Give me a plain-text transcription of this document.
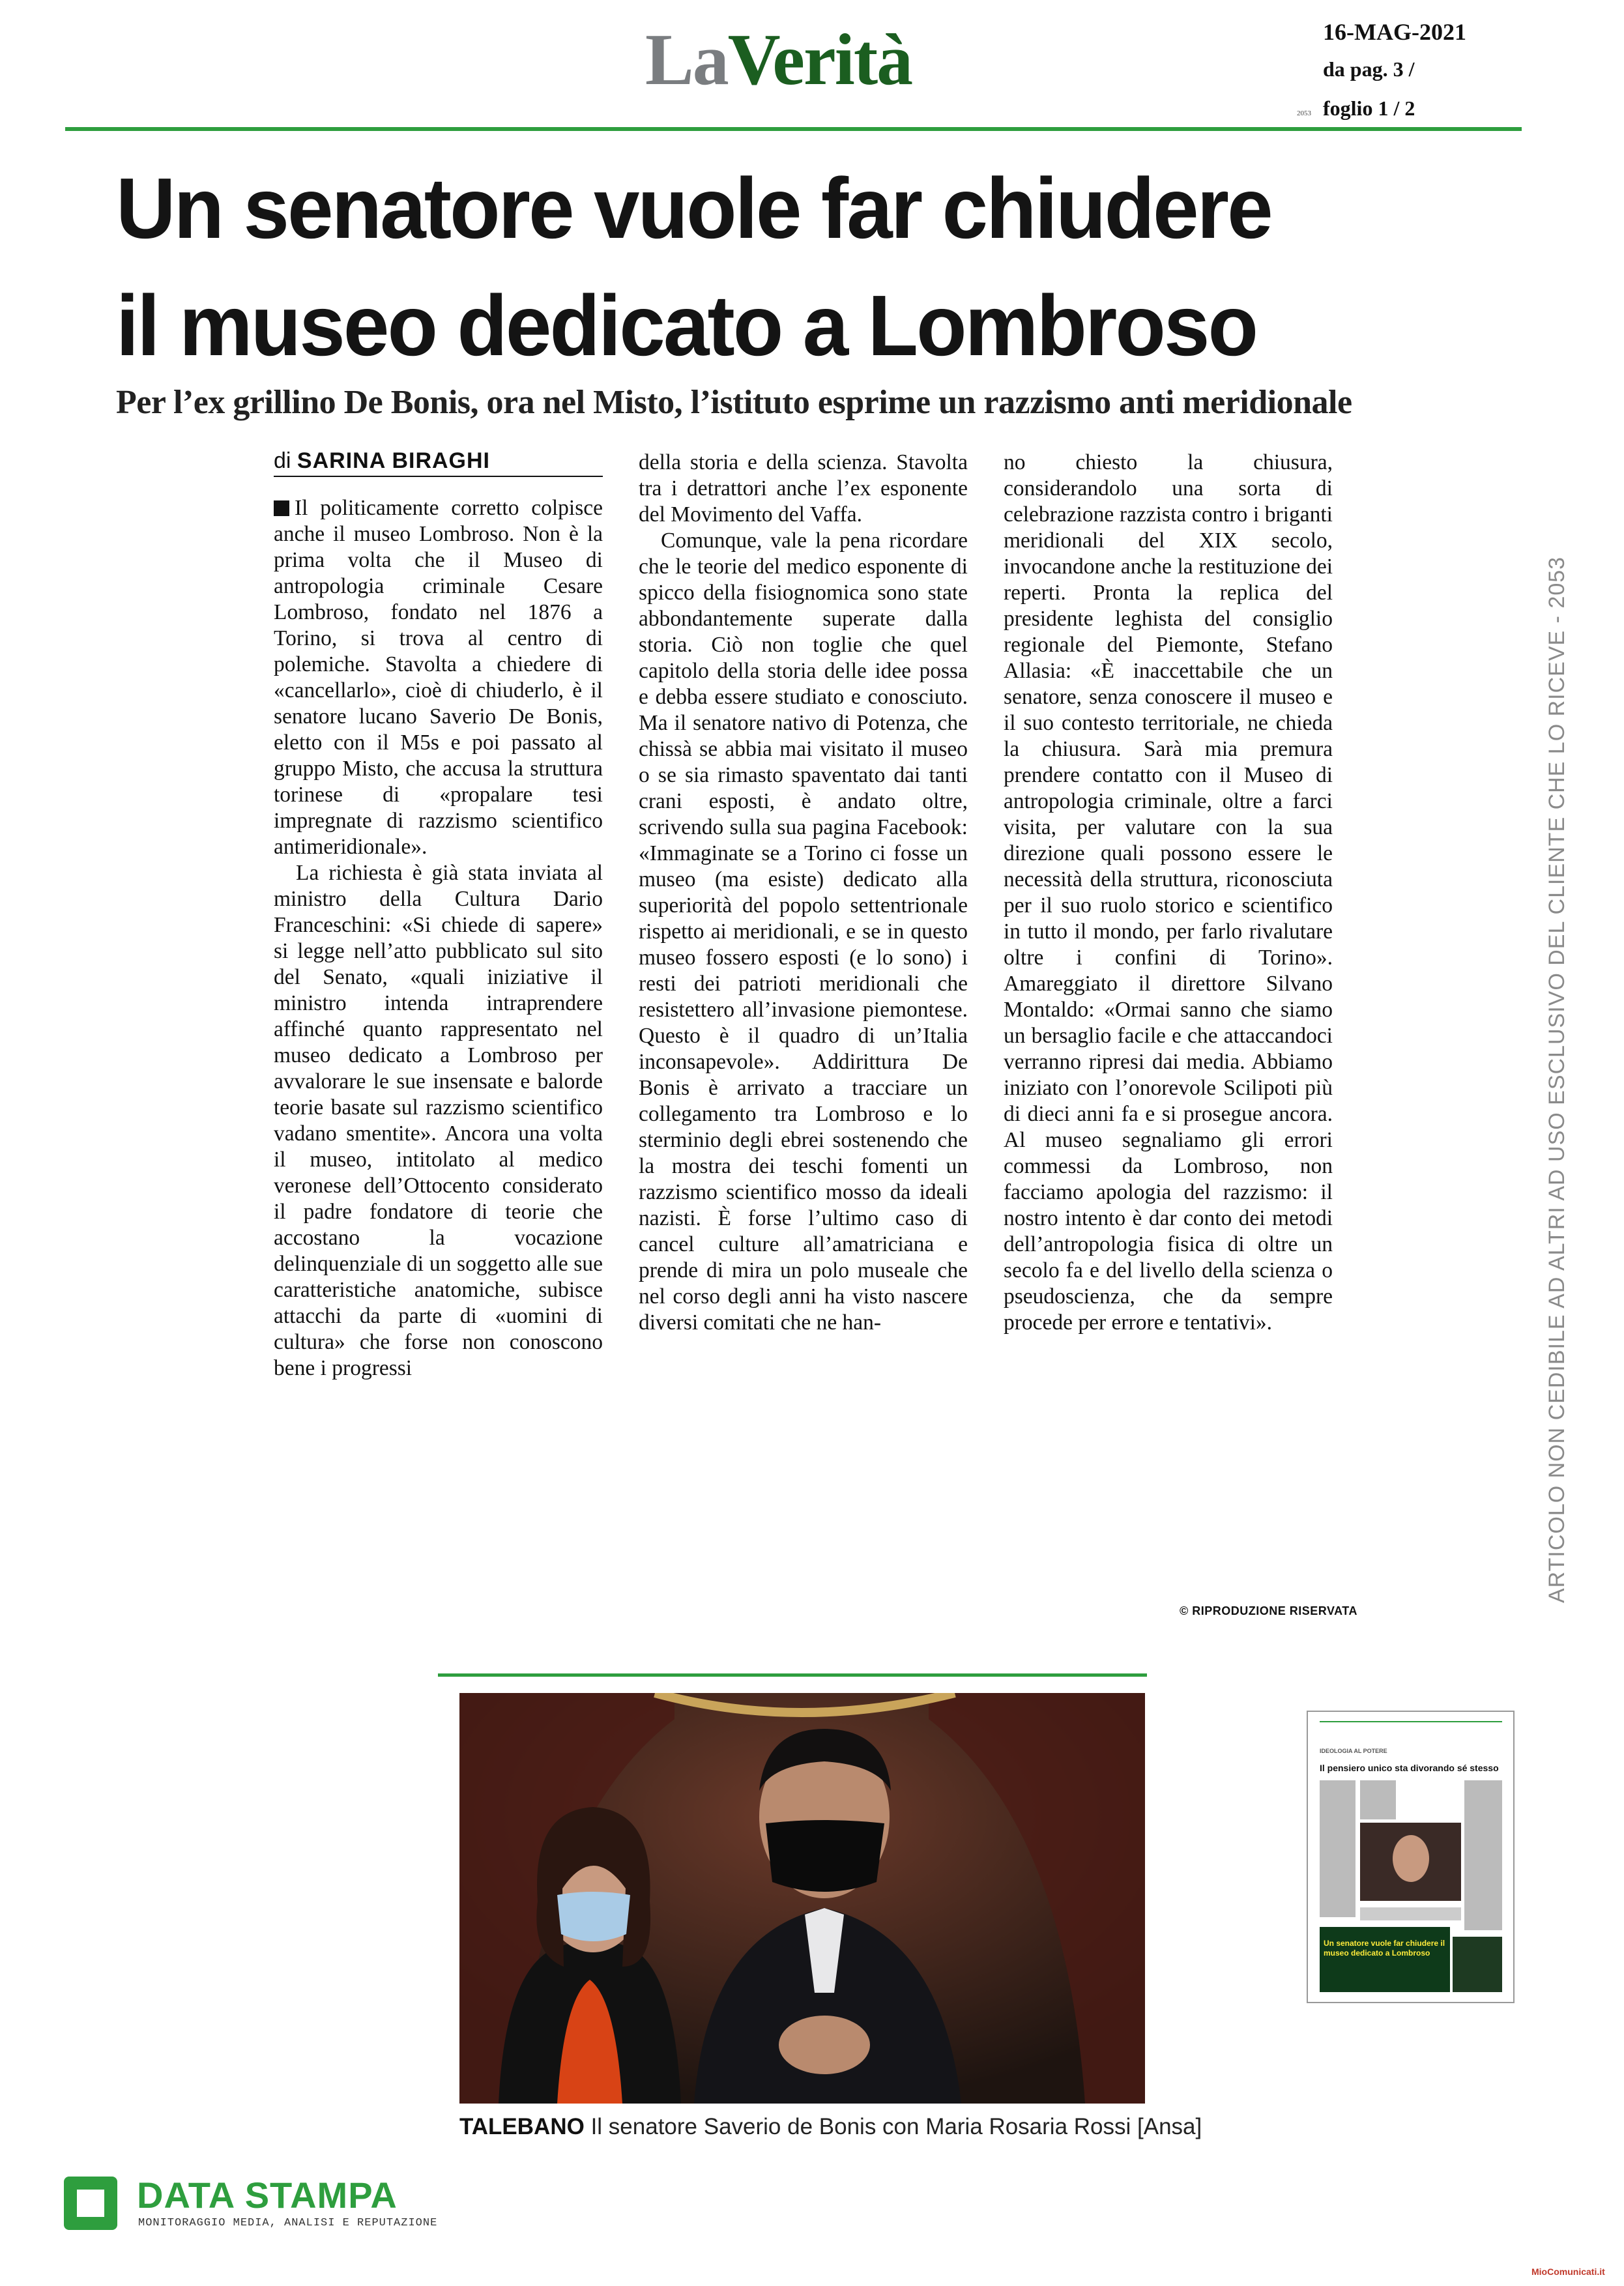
LaVerità	16-MAG-2021
da pag. 3 /
foglio 1 / 2
2053
Un senatore vuole far chiudere
il museo dedicato a Lombroso
Per l’ex grillino De Bonis, ora nel Misto, l’istituto esprime un razzismo anti meridionale
di SARINA BIRAGHI

Il politicamente corretto colpisce anche il museo Lombroso. Non è la prima volta che il Museo di antropologia criminale Cesare Lombroso, fondato nel 1876 a Torino, si trova al centro di polemiche. Stavolta a chiedere di «cancellarlo», cioè di chiuderlo, è il senatore lucano Saverio De Bonis, eletto con il M5s e poi passato al gruppo Misto, che accusa la struttura torinese di «propalare tesi impregnate di razzismo scientifico antimeridionale».

La richiesta è già stata inviata al ministro della Cultura Dario Franceschini: «Si chiede di sapere» si legge nell’atto pubblicato sul sito del Senato, «quali iniziative il ministro intenda intraprendere affinché quanto rappresentato nel museo dedicato a Lombroso per avvalorare le sue insensate e balorde teorie basate sul razzismo scientifico vadano smentite». Ancora una volta il museo, intitolato al medico veronese dell’Ottocento considerato il padre fondatore di teorie che accostano la vocazione delinquenziale di un soggetto alle sue caratteristiche anatomiche, subisce attacchi da parte di «uomini di cultura» che forse non conoscono bene i progressi

della storia e della scienza. Stavolta tra i detrattori anche l’ex esponente del Movimento del Vaffa.

Comunque, vale la pena ricordare che le teorie del medico esponente di spicco della fisiognomica sono state abbondantemente superate dalla storia. Ciò non toglie che quel capitolo della storia delle idee possa e debba essere studiato e conosciuto. Ma il senatore nativo di Potenza, che chissà se abbia mai visitato il museo o se sia rimasto spaventato dai tanti crani esposti, è andato oltre, scrivendo sulla sua pagina Facebook: «Immaginate se a Torino ci fosse un museo (ma esiste) dedicato alla superiorità del popolo settentrionale rispetto ai meridionali, e se in questo museo fossero esposti (e lo sono) i resti dei patrioti meridionali che resistettero all’invasione piemontese. Questo è il quadro di un’Italia inconsapevole». Addirittura De Bonis è arrivato a tracciare un collegamento tra Lombroso e lo sterminio degli ebrei sostenendo che la mostra dei teschi fomenti un razzismo scientifico mosso da ideali nazisti. È forse l’ultimo caso di cancel culture all’amatriciana e prende di mira un polo museale che nel corso degli anni ha visto nascere diversi comitati che ne han-

no chiesto la chiusura, considerandolo una sorta di celebrazione razzista contro i briganti meridionali del XIX secolo, invocandone anche la restituzione dei reperti. Pronta la replica del presidente leghista del consiglio regionale del Piemonte, Stefano Allasia: «È inaccettabile che un senatore, senza conoscere il museo e il suo contesto territoriale, ne chieda la chiusura. Sarà mia premura prendere contatto con il Museo di antropologia criminale, oltre a farci visita, per valutare con la sua direzione quali possono essere le necessità della struttura, riconosciuta per il suo ruolo storico e scientifico in tutto il mondo, per farlo rivalutare oltre i confini di Torino». Amareggiato il direttore Silvano Montaldo: «Ormai sanno che siamo un bersaglio facile e che attaccandoci verranno ripresi dai media. Abbiamo iniziato con l’onorevole Scilipoti più di dieci anni fa e si prosegue ancora. Al museo segnaliamo gli errori commessi da Lombroso, non facciamo apologia del razzismo: il nostro intento è dar conto dei metodi dell’antropologia fisica di oltre un secolo fa e del livello della scienza o pseudoscienza, che da sempre procede per errore e tentativi».

© RIPRODUZIONE RISERVATA
ARTICOLO NON CEDIBILE AD ALTRI AD USO ESCLUSIVO DEL CLIENTE CHE LO RICEVE - 2053
TALEBANO Il senatore Saverio de Bonis con Maria Rosaria Rossi [Ansa]
IDEOLOGIA AL POTERE
Il pensiero unico sta divorando sé stesso
Un senatore vuole far chiudere il museo dedicato a Lombroso
DATA STAMPA
MONITORAGGIO MEDIA, ANALISI E REPUTAZIONE
MioComunicati.it
